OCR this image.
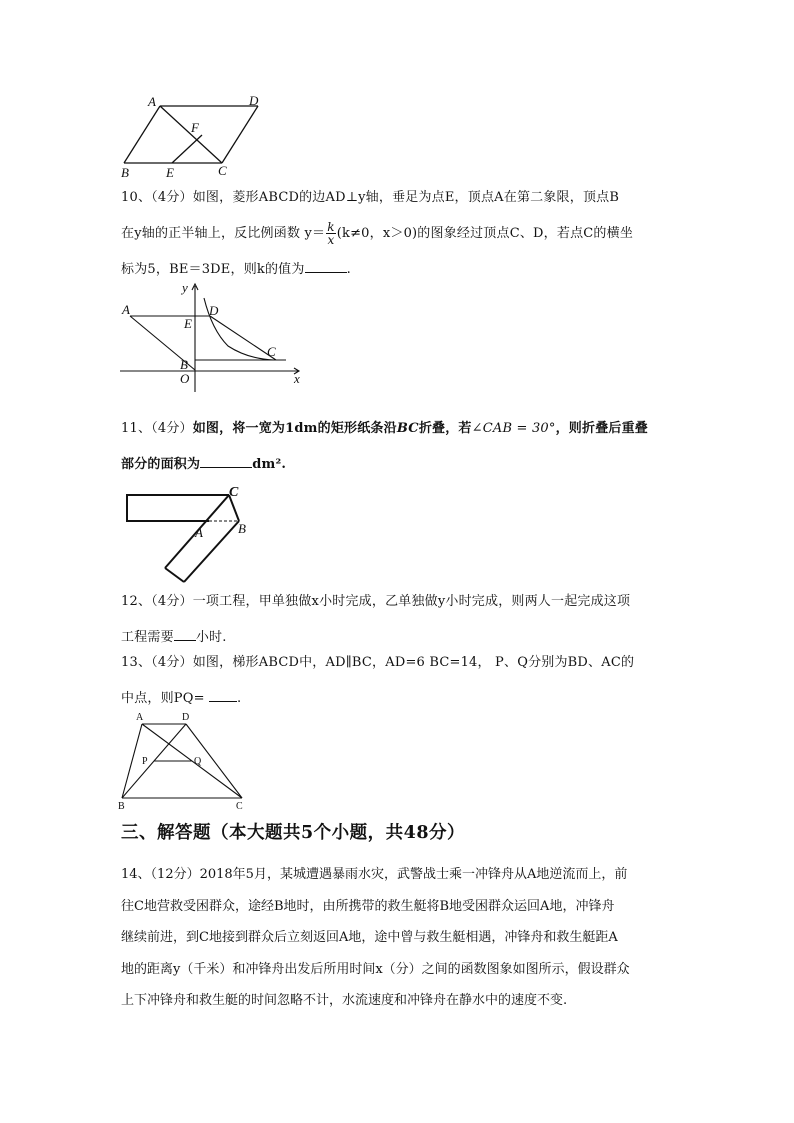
A	D
F
B	E	C

10、（4分）如图，菱形ABCD的边AD⊥y轴，垂足为点E，顶点A在第二象限，顶点B

在y轴的正半轴上，反比例函数 $y= \frac{k}{x} (k\ne 0$，x＞0)的图象经过顶点C、D，若点C的横坐

标为5，BE＝3DE，则k的值为	.

y
A
E
D
B
C
O	x

11、（4分）如图，将一宽为1dm的矩形纸条沿BC折叠，若∠CAB = 30°，则折叠后重叠

部分的面积为	dm².

C
A	B

12、（4分）一项工程，甲单独做x小时完成，乙单独做y小时完成，则两人一起完成这项

工程需要 小时.

13、（4分）如图，梯形ABCD中，AD∥BC，AD=6 BC=14， P、Q分别为BD、AC的

中点，则PQ= .

A	D
P	Q
B	C
三、解答题（本大题共5个小题，共48分）

14、（12分）2018年5月，某城遭遇暴雨水灾，武警战士乘一冲锋舟从A地逆流而上，前

往C地营救受困群众，途经B地时，由所携带的救生艇将B地受困群众运回A地，冲锋舟

继续前进，到C地接到群众后立刻返回A地，途中曾与救生艇相遇，冲锋舟和救生艇距A

地的距离y（千米）和冲锋舟出发后所用时间x（分）之间的函数图象如图所示，假设群众

上下冲锋舟和救生艇的时间忽略不计，水流速度和冲锋舟在静水中的速度不变.
